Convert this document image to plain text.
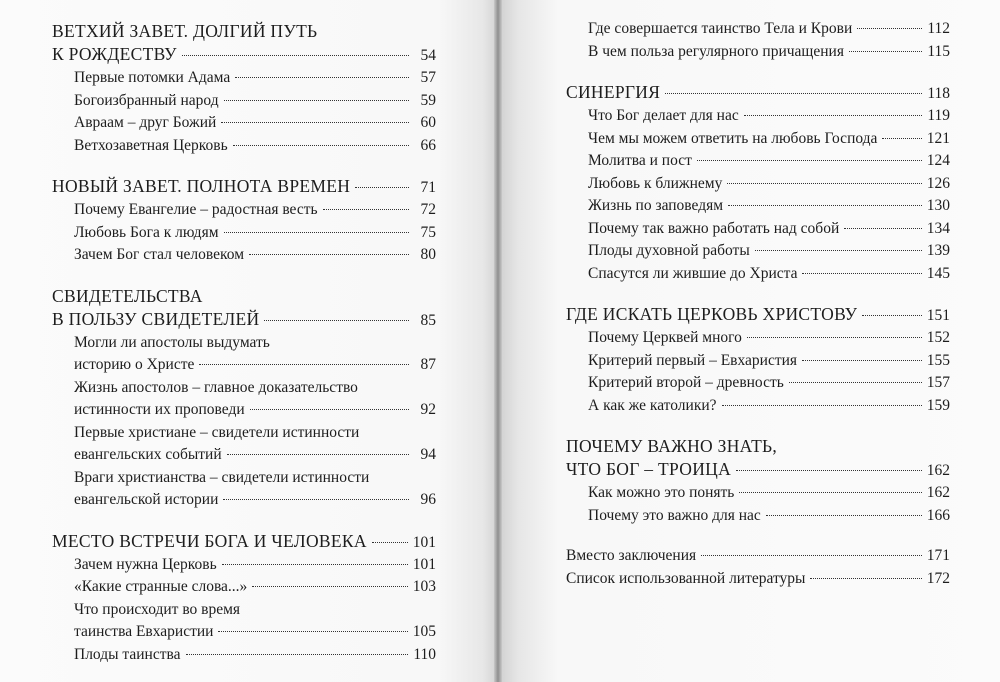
ВЕТХИЙ ЗАВЕТ. ДОЛГИЙ ПУТЬ
К РОЖДЕСТВУ	54
Первые потомки Адама	57
Богоизбранный народ	59
Авраам – друг Божий	60
Ветхозаветная Церковь	66
НОВЫЙ ЗАВЕТ. ПОЛНОТА ВРЕМЕН	71
Почему Евангелие – радостная весть	72
Любовь Бога к людям	75
Зачем Бог стал человеком	80
СВИДЕТЕЛЬСТВА
В ПОЛЬЗУ СВИДЕТЕЛЕЙ	85
Могли ли апостолы выдумать
историю о Христе	87
Жизнь апостолов – главное доказательство
истинности их проповеди	92
Первые христиане – свидетели истинности
евангельских событий	94
Враги христианства – свидетели истинности
евангельской истории	96
МЕСТО ВСТРЕЧИ БОГА И ЧЕЛОВЕКА	101
Зачем нужна Церковь	101
«Какие странные слова...»	103
Что происходит во время
таинства Евхаристии	105
Плоды таинства	110
Где совершается таинство Тела и Крови	112
В чем польза регулярного причащения	115
СИНЕРГИЯ	118
Что Бог делает для нас	119
Чем мы можем ответить на любовь Господа	121
Молитва и пост	124
Любовь к ближнему	126
Жизнь по заповедям	130
Почему так важно работать над собой	134
Плоды духовной работы	139
Спасутся ли жившие до Христа	145
ГДЕ ИСКАТЬ ЦЕРКОВЬ ХРИСТОВУ	151
Почему Церквей много	152
Критерий первый – Евхаристия	155
Критерий второй – древность	157
А как же католики?	159
ПОЧЕМУ ВАЖНО ЗНАТЬ,
ЧТО БОГ – ТРОИЦА	162
Как можно это понять	162
Почему это важно для нас	166
Вместо заключения	171
Список использованной литературы	172
